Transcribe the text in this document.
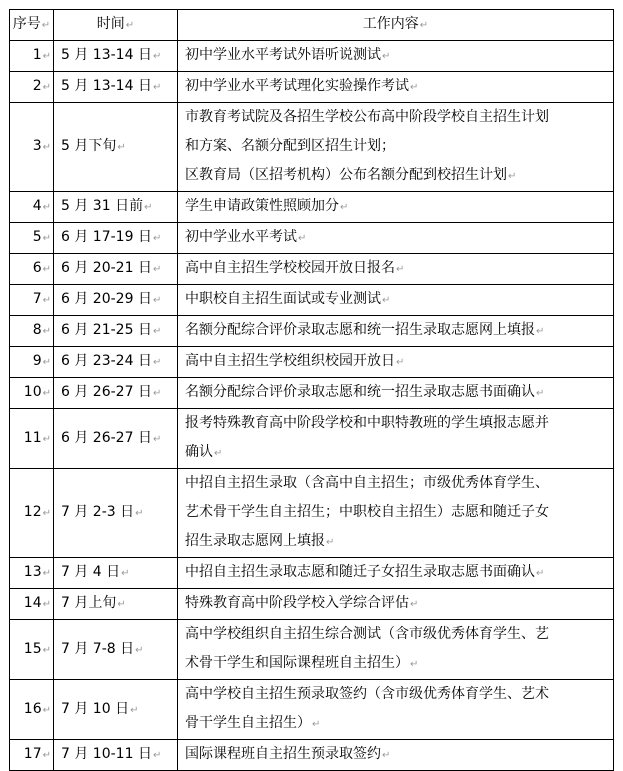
序号↵	时间↵	工作内容↵
1↵	5 月 13-14 日↵	初中学业水平考试外语听说测试↵
2↵	5 月 13-14 日↵	初中学业水平考试理化实验操作考试↵
3↵	5 月下旬↵	市教育考试院及各招生学校公布高中阶段学校自主招生计划
和方案、名额分配到区招生计划；
区教育局（区招考机构）公布名额分配到校招生计划↵
4↵	5 月 31 日前↵	学生申请政策性照顾加分↵
5↵	6 月 17-19 日↵	初中学业水平考试↵
6↵	6 月 20-21 日↵	高中自主招生学校校园开放日报名↵
7↵	6 月 20-29 日↵	中职校自主招生面试或专业测试↵
8↵	6 月 21-25 日↵	名额分配综合评价录取志愿和统一招生录取志愿网上填报↵
9↵	6 月 23-24 日↵	高中自主招生学校组织校园开放日↵
10↵	6 月 26-27 日↵	名额分配综合评价录取志愿和统一招生录取志愿书面确认↵
11↵	6 月 26-27 日↵	报考特殊教育高中阶段学校和中职特教班的学生填报志愿并
确认↵
12↵	7 月 2-3 日↵	中招自主招生录取（含高中自主招生；市级优秀体育学生、
艺术骨干学生自主招生；中职校自主招生）志愿和随迁子女
招生录取志愿网上填报↵
13↵	7 月 4 日↵	中招自主招生录取志愿和随迁子女招生录取志愿书面确认↵
14↵	7 月上旬↵	特殊教育高中阶段学校入学综合评估↵
15↵	7 月 7-8 日↵	高中学校组织自主招生综合测试（含市级优秀体育学生、艺
术骨干学生和国际课程班自主招生）↵
16↵	7 月 10 日↵	高中学校自主招生预录取签约（含市级优秀体育学生、艺术
骨干学生自主招生）↵
17↵	7 月 10-11 日↵	国际课程班自主招生预录取签约↵
